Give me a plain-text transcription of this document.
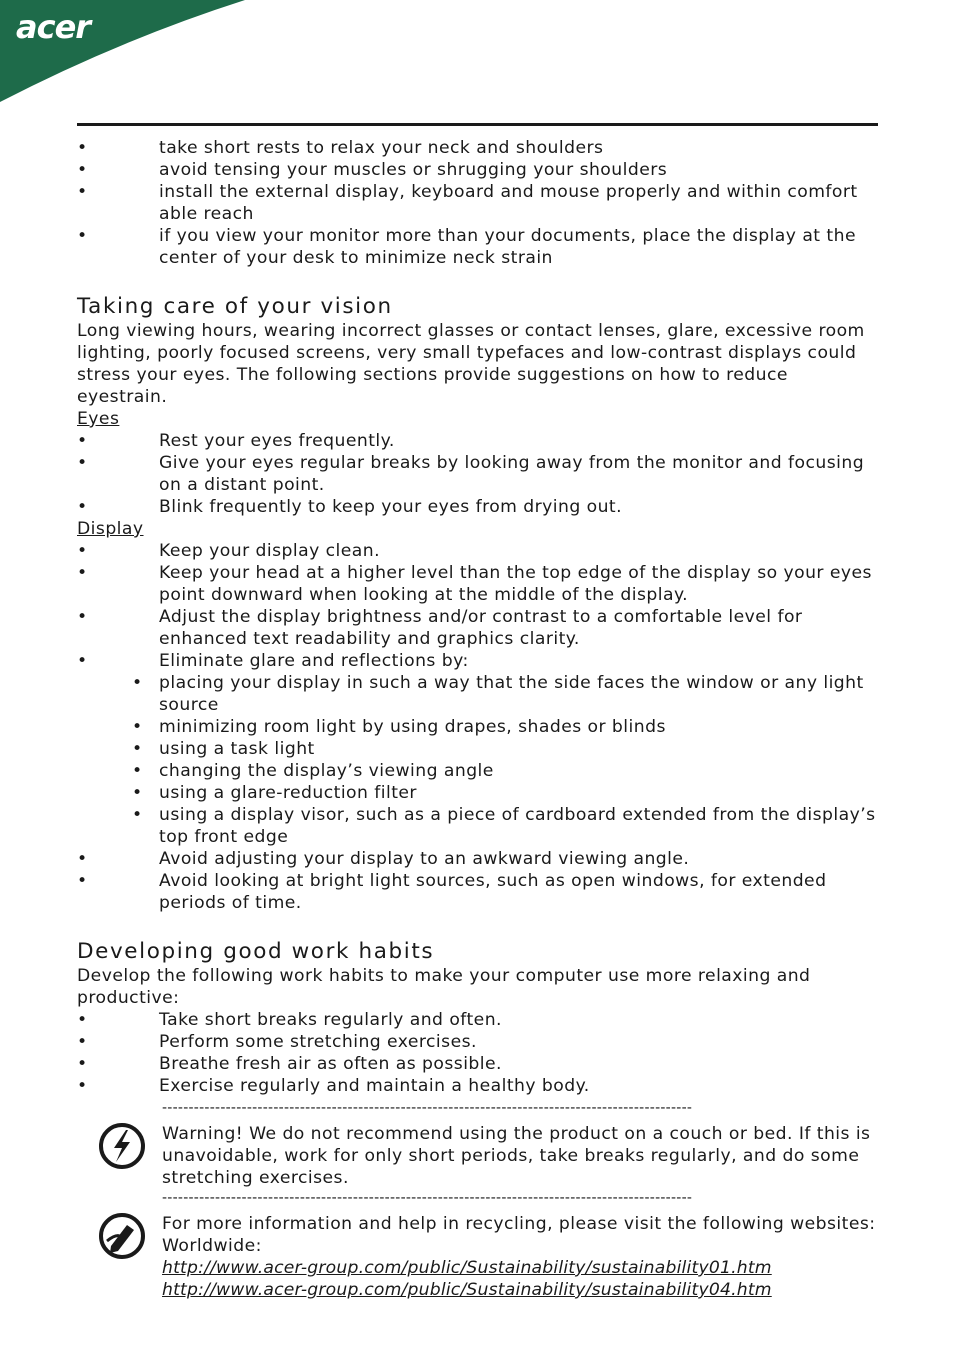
acer
•	take short rests to relax your neck and shoulders
•	avoid tensing your muscles or shrugging your shoulders
•	install the external display, keyboard and mouse properly and within comfort able reach
•	if you view your monitor more than your documents, place the display at the center of your desk to minimize neck strain
Taking care of your vision

Long viewing hours, wearing incorrect glasses or contact lenses, glare, excessive room lighting, poorly focused screens, very small typefaces and low-contrast displays could stress your eyes. The following sections provide suggestions on how to reduce eyestrain.

Eyes
•	Rest your eyes frequently.
•	Give your eyes regular breaks by looking away from the monitor and focusing on a distant point.
•	Blink frequently to keep your eyes from drying out.
Display
•	Keep your display clean.
•	Keep your head at a higher level than the top edge of the display so your eyes point downward when looking at the middle of the display.
•	Adjust the display brightness and/or contrast to a comfortable level for enhanced text readability and graphics clarity.
•	Eliminate glare and reflections by:
• placing your display in such a way that the side faces the window or any light source
• minimizing room light by using drapes, shades or blinds
• using a task light
• changing the display’s viewing angle
• using a glare-reduction filter
• using a display visor, such as a piece of cardboard extended from the display’s top front edge
•	Avoid adjusting your display to an awkward viewing angle.
•	Avoid looking at bright light sources, such as open windows, for extended periods of time.
Developing good work habits

Develop the following work habits to make your computer use more relaxing and productive:

•	Take short breaks regularly and often.
•	Perform some stretching exercises.
•	Breathe fresh air as often as possible.
•	Exercise regularly and maintain a healthy body.
----------------------------------------------------------------------------------------------------
Warning! We do not recommend using the product on a couch or bed. If this is unavoidable, work for only short periods, take breaks regularly, and do some stretching exercises.
----------------------------------------------------------------------------------------------------
For more information and help in recycling, please visit the following websites:
Worldwide:
http://www.acer-group.com/public/Sustainability/sustainability01.htm
http://www.acer-group.com/public/Sustainability/sustainability04.htm
